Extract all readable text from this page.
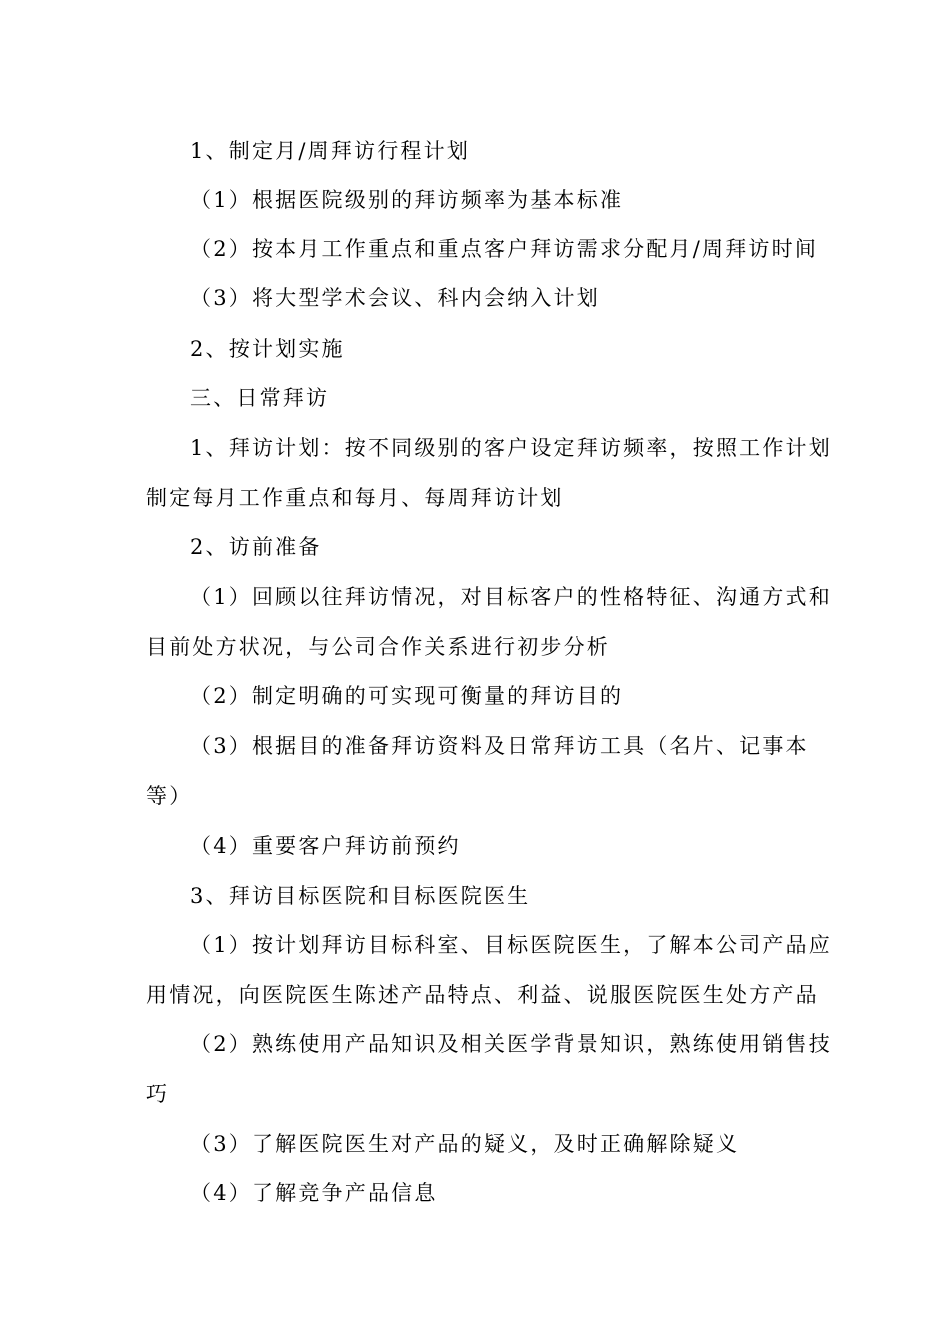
1、制定月/周拜访行程计划
（1）根据医院级别的拜访频率为基本标准
（2）按本月工作重点和重点客户拜访需求分配月/周拜访时间
（3）将大型学术会议、科内会纳入计划
2、按计划实施
三、日常拜访
1、拜访计划：按不同级别的客户设定拜访频率，按照工作计划
制定每月工作重点和每月、每周拜访计划
2、访前准备
（1）回顾以往拜访情况，对目标客户的性格特征、沟通方式和
目前处方状况，与公司合作关系进行初步分析
（2）制定明确的可实现可衡量的拜访目的
（3）根据目的准备拜访资料及日常拜访工具（名片、记事本
等）
（4）重要客户拜访前预约
3、拜访目标医院和目标医院医生
（1）按计划拜访目标科室、目标医院医生，了解本公司产品应
用情况，向医院医生陈述产品特点、利益、说服医院医生处方产品
（2）熟练使用产品知识及相关医学背景知识，熟练使用销售技
巧
（3）了解医院医生对产品的疑义，及时正确解除疑义
（4）了解竞争产品信息
